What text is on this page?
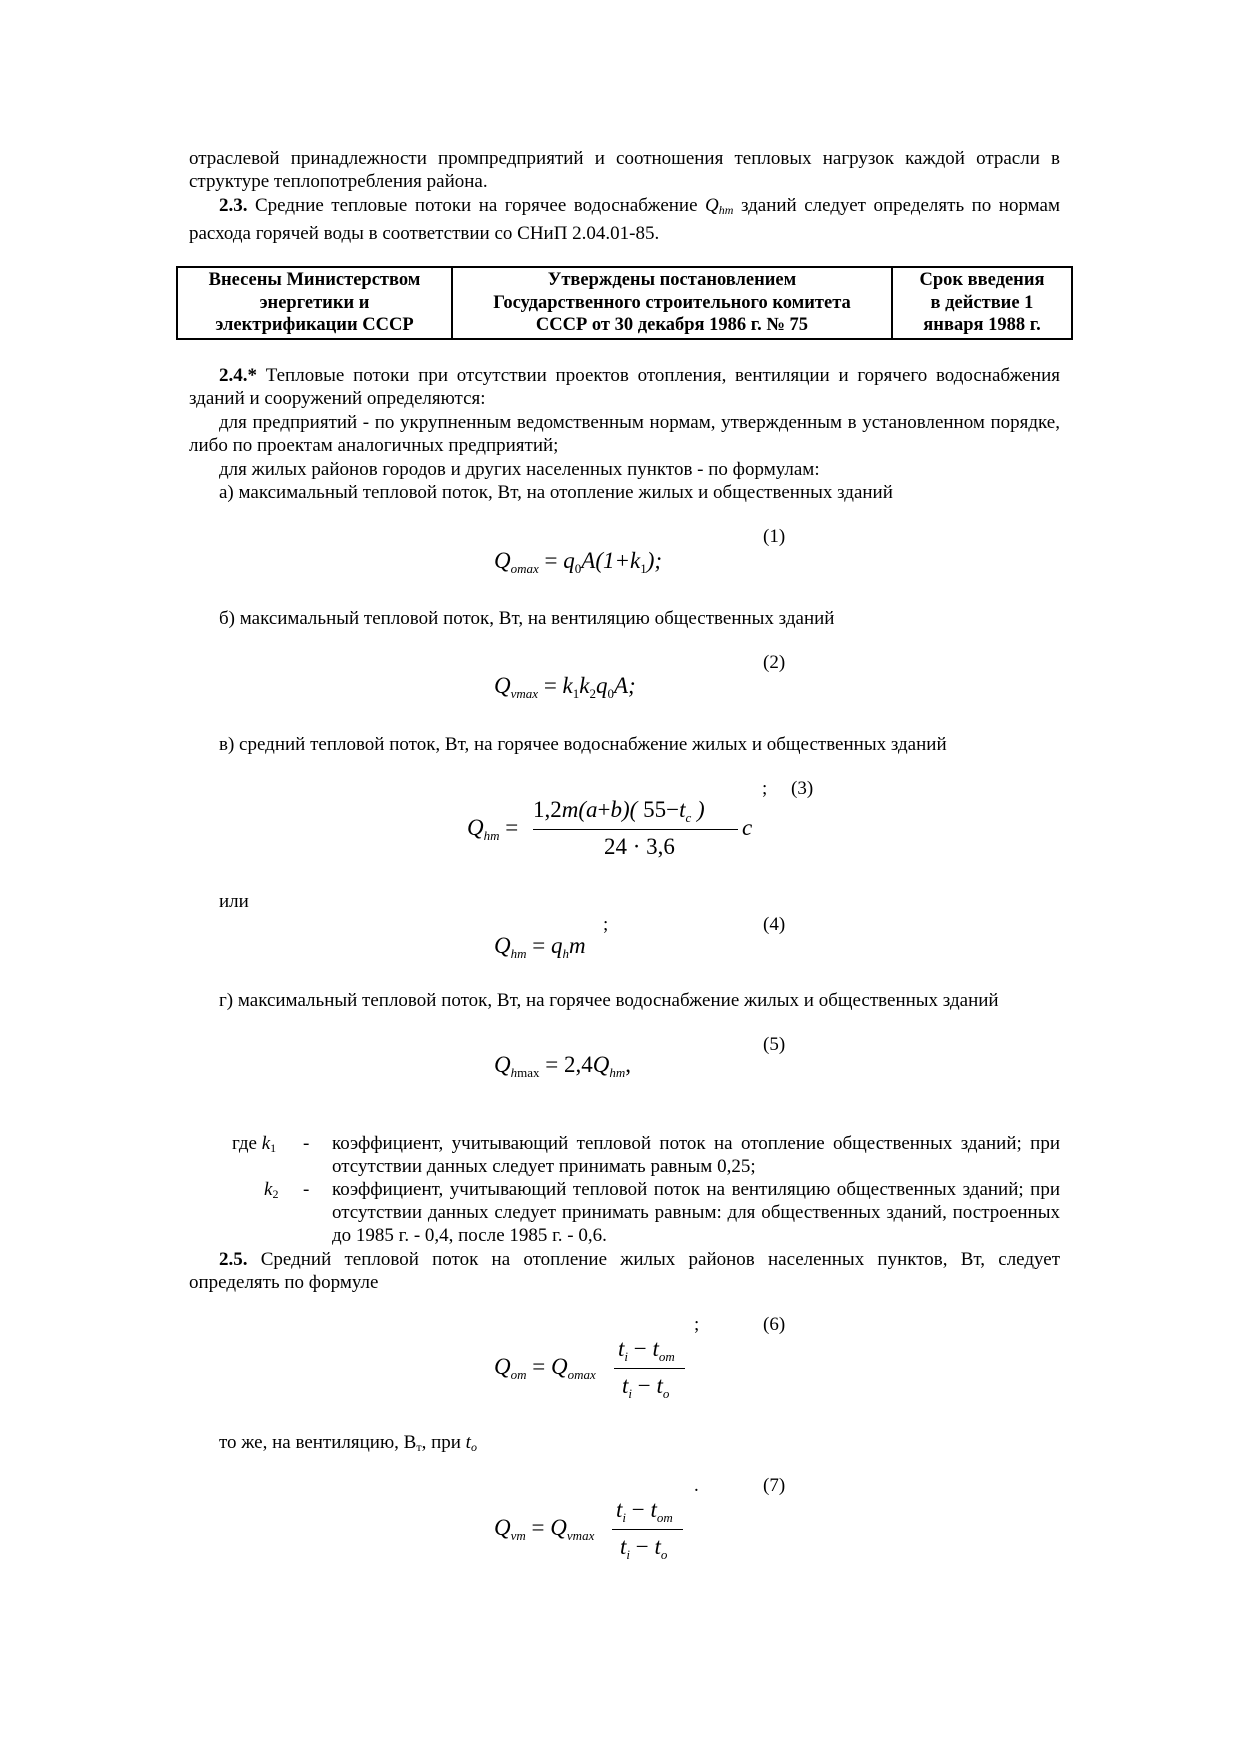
отраслевой принадлежности промпредприятий и соотношения тепловых нагрузок каждой отрасли в структуре теплопотребления района.
2.3. Средние тепловые потоки на горячее водоснабжение $Q_{hm}$ зданий следует определять по нормам расхода горячей воды в соответствии со СНиП 2.04.01-85.
Внесены Министерством
энергетики и
электрификации СССР

Утверждены постановлением
Государственного строительного комитета
СССР от 30 декабря 1986 г. № 75

Срок введения
в действие 1
января 1988 г.
2.4.* Тепловые потоки при отсутствии проектов отопления, вентиляции и горячего водоснабжения зданий и сооружений определяются:
для предприятий - по укрупненным ведомственным нормам, утвержденным в установленном порядке, либо по проектам аналогичных предприятий;
для жилых районов городов и других населенных пунктов - по формулам:
а) максимальный тепловой поток, Вт, на отопление жилых и общественных зданий
(1)
$Q_{omax} = q_0A(1+k_1)$;
б) максимальный тепловой поток, Вт, на вентиляцию общественных зданий
(2)
$Q_{vmax} = k_1k_2q_0A$;
в) средний тепловой поток, Вт, на горячее водоснабжение жилых и общественных зданий
; (3)
$Q_{hm}$ =
1,2m(a+b)( $55-t_c$ )
24 · 3,6
c
или
;	(4)
$Q_{hm} = q_hm$
г) максимальный тепловой поток, Вт, на горячее водоснабжение жилых и общественных зданий
(5)
$Q_{hmax} = 2,4Q_{hm}$,
где k1	- коэффициент, учитывающий тепловой поток на отопление общественных зданий; при отсутствии данных следует принимать равным 0,25;
k2 - коэффициент, учитывающий тепловой поток на вентиляцию общественных зданий; при отсутствии данных следует принимать равным: для общественных зданий, построенных до 1985 г. - 0,4, после 1985 г. - 0,6.
2.5. Средний тепловой поток на отопление жилых районов населенных пунктов, Вт, следует определять по формуле
;	(6)
$Q_{om} = Q_{omax}$
$t_i - t_{om}$
$t_i - t_o$
то же, на вентиляцию, Вт, при $t_o$
.	(7)
$Q_{vm} = Q_{vmax}$
$t_i - t_{om}$
$t_i - t_o$
